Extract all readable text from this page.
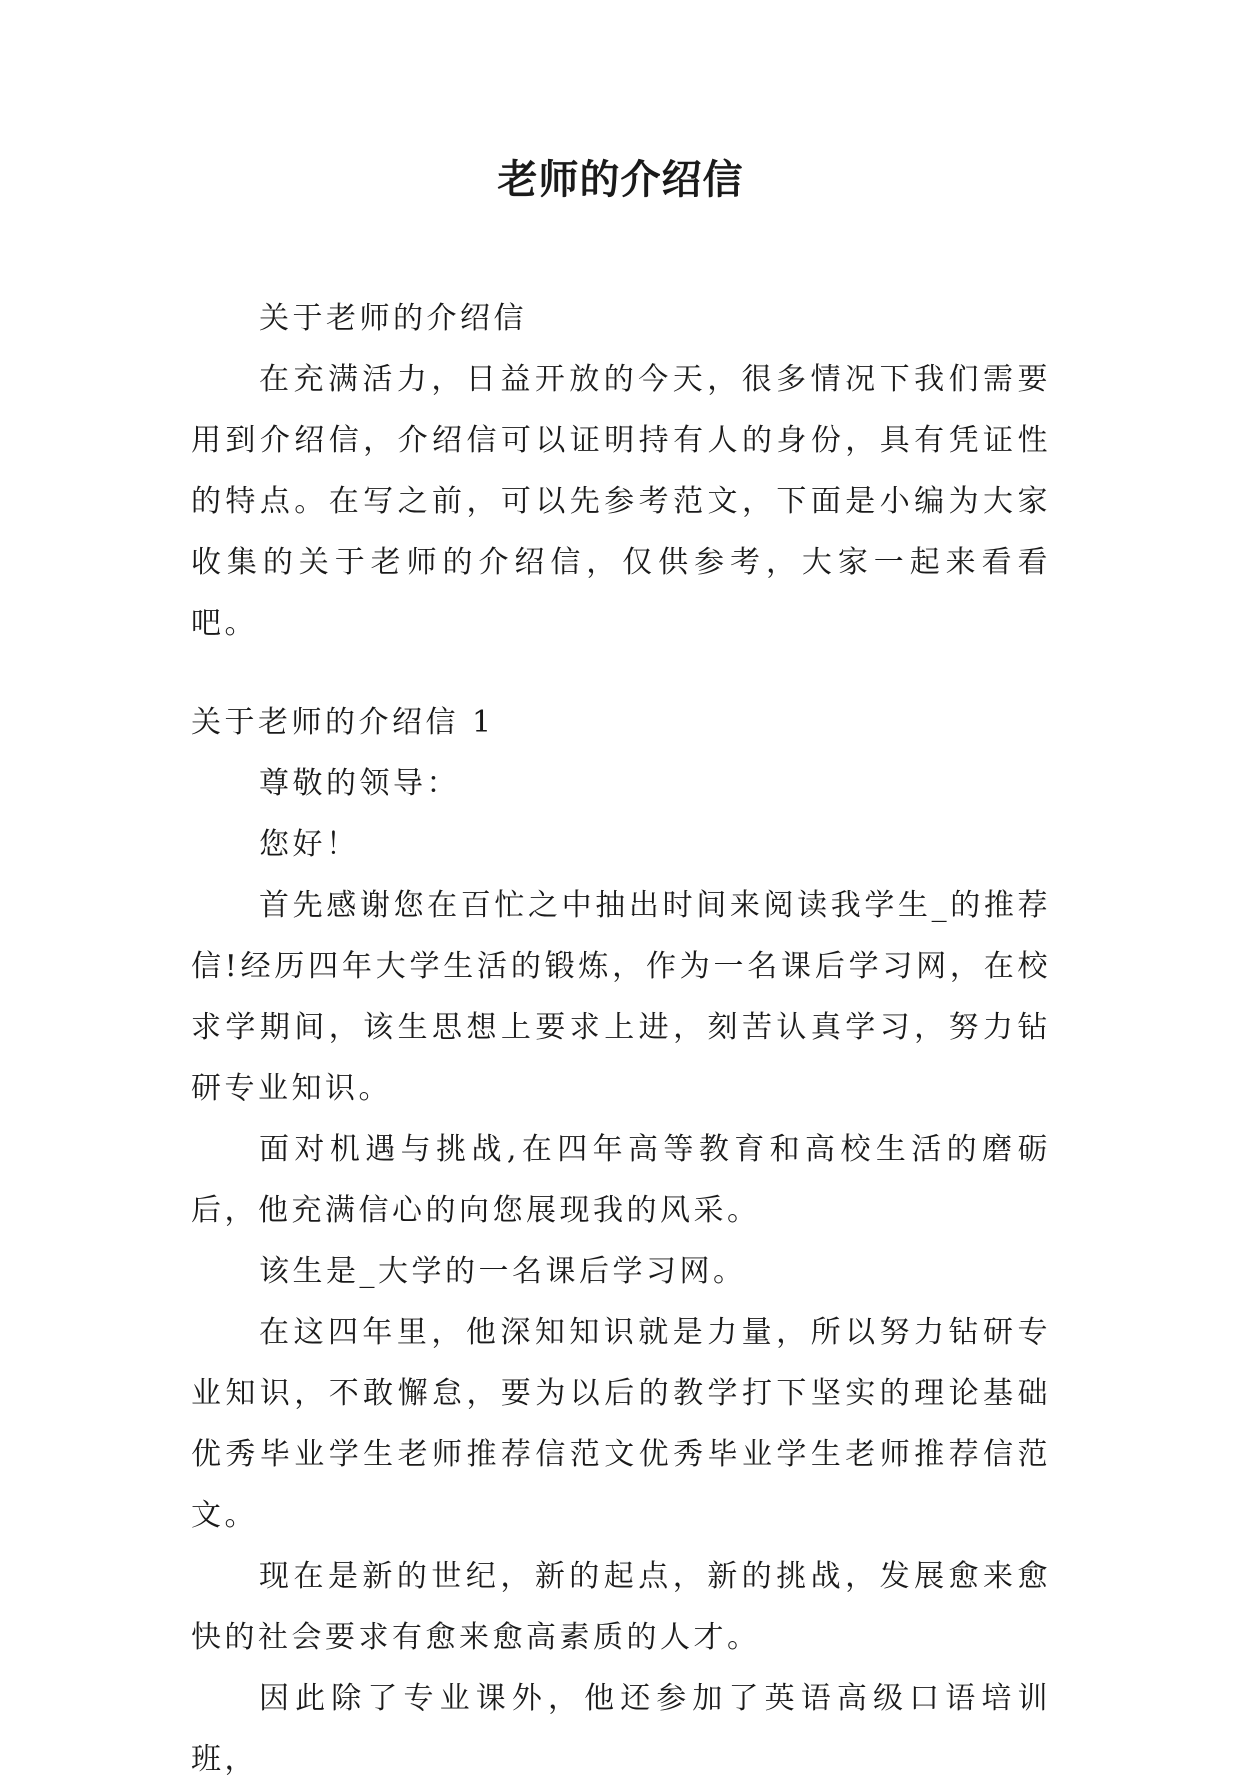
老师的介绍信

关于老师的介绍信

在充满活力，日益开放的今天，很多情况下我们需要用到介绍信，介绍信可以证明持有人的身份，具有凭证性的特点。在写之前，可以先参考范文，下面是小编为大家收集的关于老师的介绍信，仅供参考，大家一起来看看吧。

关于老师的介绍信 1

尊敬的领导：

您好！

首先感谢您在百忙之中抽出时间来阅读我学生_的推荐信!经历四年大学生活的锻炼，作为一名课后学习网，在校求学期间，该生思想上要求上进，刻苦认真学习，努力钻研专业知识。

面对机遇与挑战,在四年高等教育和高校生活的磨砺后，他充满信心的向您展现我的风采。

该生是_大学的一名课后学习网。

在这四年里，他深知知识就是力量，所以努力钻研专业知识，不敢懈怠，要为以后的教学打下坚实的理论基础优秀毕业学生老师推荐信范文优秀毕业学生老师推荐信范文。

现在是新的世纪，新的起点，新的挑战，发展愈来愈快的社会要求有愈来愈高素质的人才。

因此除了专业课外，他还参加了英语高级口语培训班，
